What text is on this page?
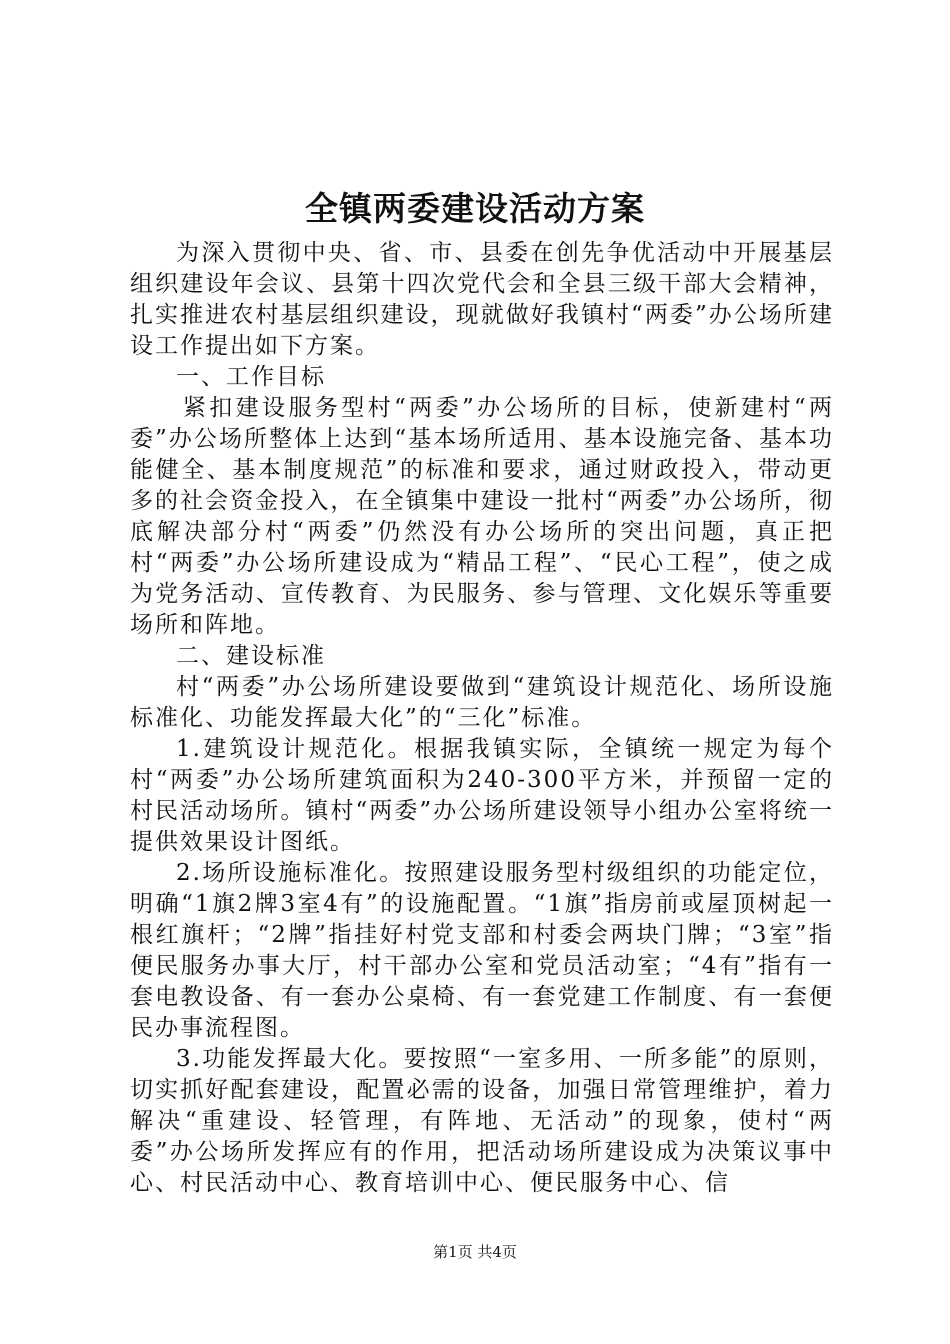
全镇两委建设活动方案

为深入贯彻中央、省、市、县委在创先争优活动中开展基层组织建设年会议、县第十四次党代会和全县三级干部大会精神，扎实推进农村基层组织建设，现就做好我镇村“两委”办公场所建设工作提出如下方案。

一、工作目标

紧扣建设服务型村“两委”办公场所的目标，使新建村“两委”办公场所整体上达到“基本场所适用、基本设施完备、基本功能健全、基本制度规范”的标准和要求，通过财政投入，带动更多的社会资金投入，在全镇集中建设一批村“两委”办公场所，彻底解决部分村“两委”仍然没有办公场所的突出问题，真正把村“两委”办公场所建设成为“精品工程”、“民心工程”，使之成为党务活动、宣传教育、为民服务、参与管理、文化娱乐等重要场所和阵地。

二、建设标准

村“两委”办公场所建设要做到“建筑设计规范化、场所设施标准化、功能发挥最大化”的“三化”标准。

1.建筑设计规范化。根据我镇实际，全镇统一规定为每个村“两委”办公场所建筑面积为240-300平方米，并预留一定的村民活动场所。镇村“两委”办公场所建设领导小组办公室将统一提供效果设计图纸。

2.场所设施标准化。按照建设服务型村级组织的功能定位，明确“1旗2牌3室4有”的设施配置。“1旗”指房前或屋顶树起一根红旗杆；“2牌”指挂好村党支部和村委会两块门牌；“3室”指便民服务办事大厅，村干部办公室和党员活动室；“4有”指有一套电教设备、有一套办公桌椅、有一套党建工作制度、有一套便民办事流程图。

3.功能发挥最大化。要按照“一室多用、一所多能”的原则，切实抓好配套建设，配置必需的设备，加强日常管理维护，着力解决“重建设、轻管理，有阵地、无活动”的现象，使村“两委”办公场所发挥应有的作用，把活动场所建设成为决策议事中心、村民活动中心、教育培训中心、便民服务中心、信

第1页 共4页
